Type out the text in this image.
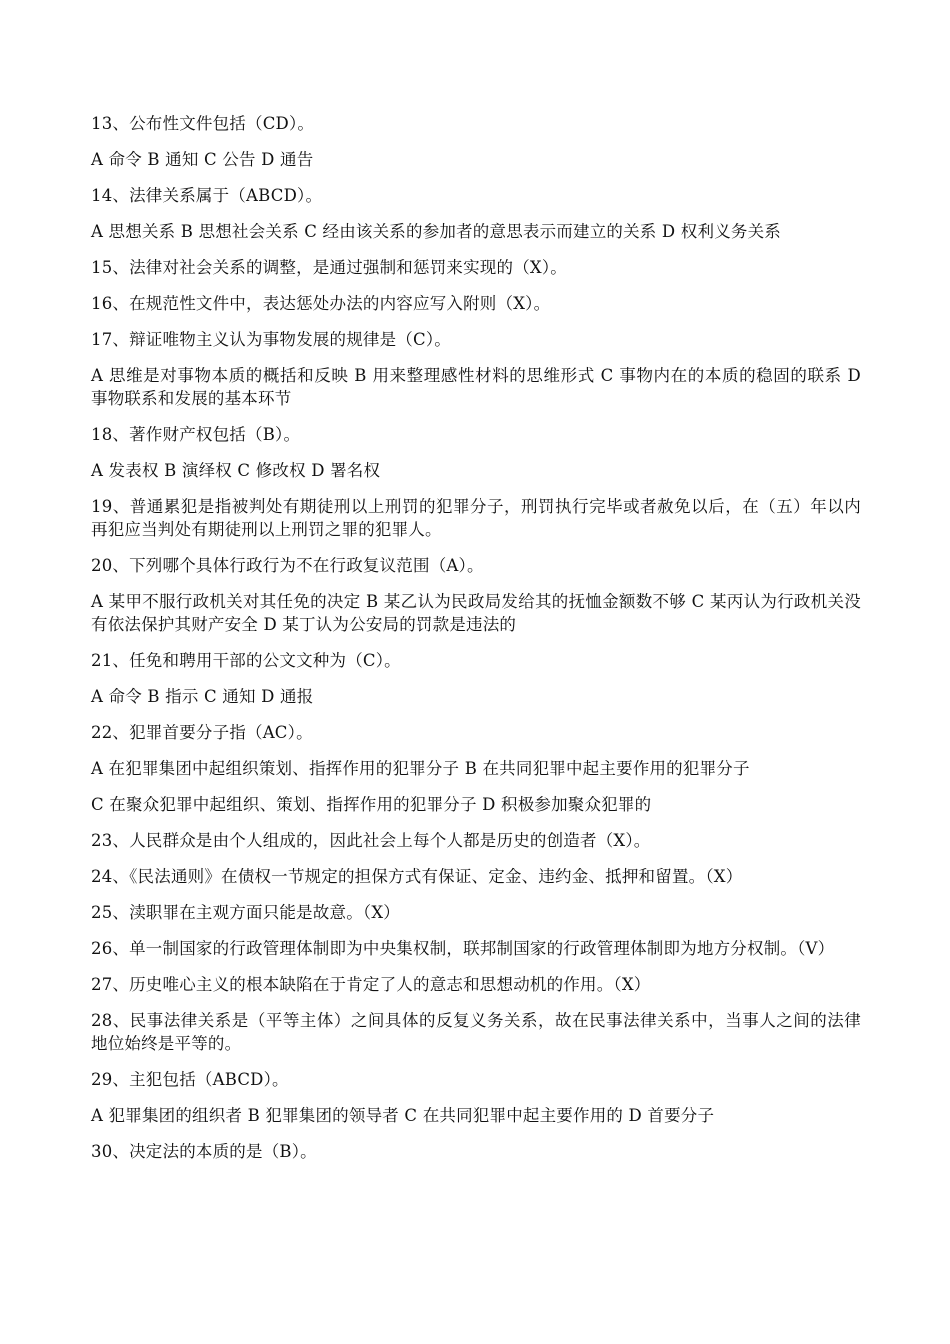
13、公布性文件包括（CD）。

A 命令 B 通知 C 公告 D 通告

14、法律关系属于（ABCD）。

A 思想关系 B 思想社会关系 C 经由该关系的参加者的意思表示而建立的关系 D 权利义务关系

15、法律对社会关系的调整，是通过强制和惩罚来实现的（X）。

16、在规范性文件中，表达惩处办法的内容应写入附则（X）。

17、辩证唯物主义认为事物发展的规律是（C）。

A 思维是对事物本质的概括和反映 B 用来整理感性材料的思维形式 C 事物内在的本质的稳固的联系 D 事物联系和发展的基本环节

18、著作财产权包括（B）。

A 发表权 B 演绎权 C 修改权 D 署名权

19、普通累犯是指被判处有期徒刑以上刑罚的犯罪分子，刑罚执行完毕或者赦免以后，在（五）年以内再犯应当判处有期徒刑以上刑罚之罪的犯罪人。

20、下列哪个具体行政行为不在行政复议范围（A）。

A 某甲不服行政机关对其任免的决定 B 某乙认为民政局发给其的抚恤金额数不够 C 某丙认为行政机关没有依法保护其财产安全 D 某丁认为公安局的罚款是违法的

21、任免和聘用干部的公文文种为（C）。

A 命令 B 指示 C 通知 D 通报

22、犯罪首要分子指（AC）。

A 在犯罪集团中起组织策划、指挥作用的犯罪分子 B 在共同犯罪中起主要作用的犯罪分子

C 在聚众犯罪中起组织、策划、指挥作用的犯罪分子 D 积极参加聚众犯罪的

23、人民群众是由个人组成的，因此社会上每个人都是历史的创造者（X）。

24、《民法通则》在债权一节规定的担保方式有保证、定金、违约金、抵押和留置。（X）

25、渎职罪在主观方面只能是故意。（X）

26、单一制国家的行政管理体制即为中央集权制，联邦制国家的行政管理体制即为地方分权制。（V）

27、历史唯心主义的根本缺陷在于肯定了人的意志和思想动机的作用。（X）

28、民事法律关系是（平等主体）之间具体的反复义务关系，故在民事法律关系中，当事人之间的法律地位始终是平等的。

29、主犯包括（ABCD）。

A 犯罪集团的组织者 B 犯罪集团的领导者 C 在共同犯罪中起主要作用的 D 首要分子

30、决定法的本质的是（B）。
